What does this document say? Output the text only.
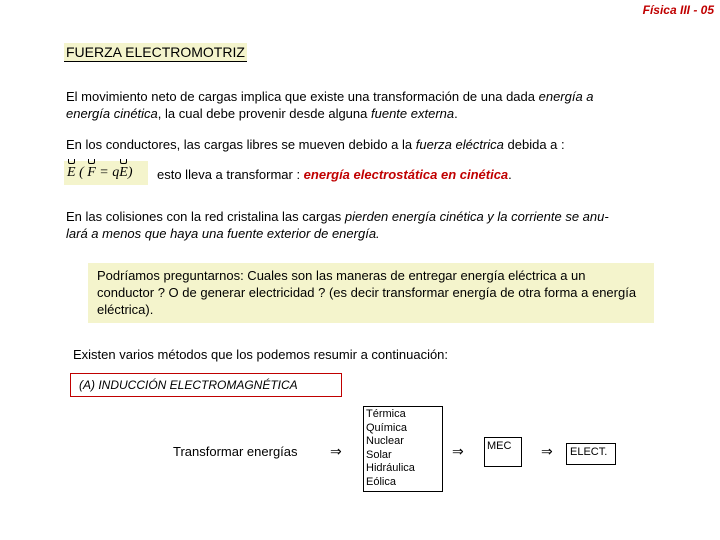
Física III - 05
FUERZA ELECTROMOTRIZ
El movimiento neto de cargas implica que existe una transformación de una dada energía a
energía cinética, la cual debe provenir desde alguna fuente externa.
En los conductores, las cargas libres se mueven debido a la fuerza eléctrica debida a :
E ( F = qE)	esto lleva a transformar : energía electrostática en cinética.
En las colisiones con la red cristalina las cargas pierden energía cinética y la corriente se anu-
lará a menos que haya una fuente exterior de energía.
Podríamos preguntarnos: Cuales son las maneras de entregar energía eléctrica a un conductor ? O de generar electricidad ? (es decir transformar energía de otra forma a energía eléctrica).
Existen varios métodos que los podemos resumir a continuación:
(A) INDUCCIÓN ELECTROMAGNÉTICA
Transformar energías ⇒
Térmica
Química
Nuclear
Solar
Hidráulica
Eólica
⇒ MEC	⇒	ELECT.
